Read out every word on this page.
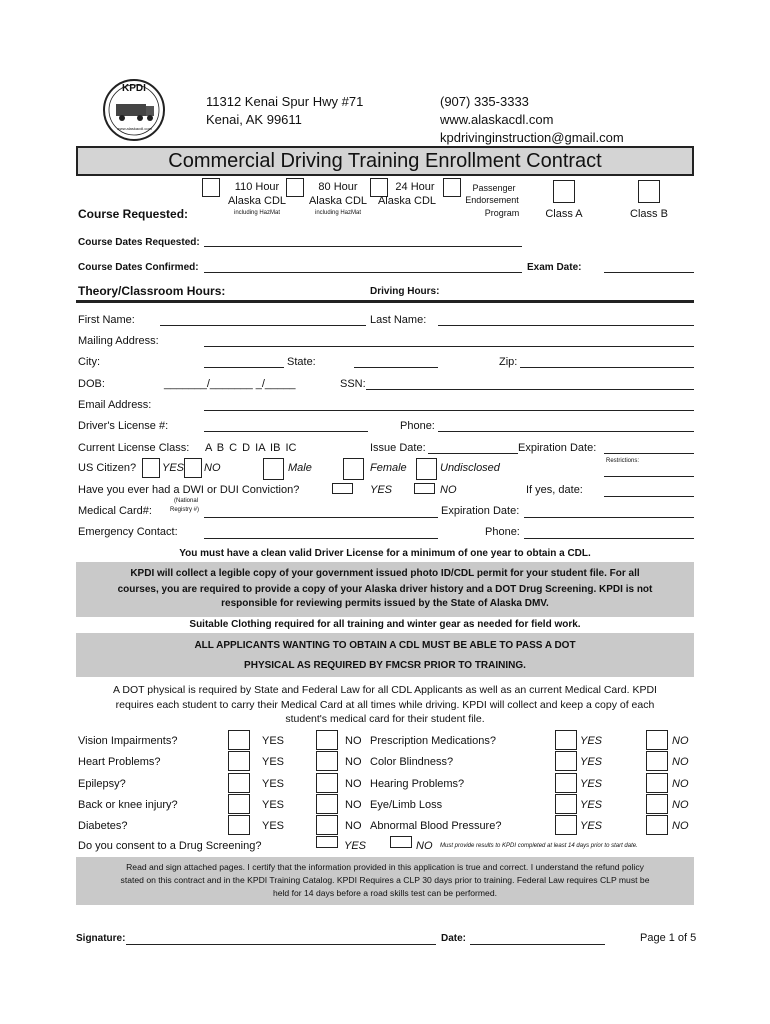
KPDI
www.alaskacdl.com
11312 Kenai Spur Hwy #71
Kenai, AK 99611
(907) 335-3333
www.alaskacdl.com
kpdrivinginstruction@gmail.com
Commercial Driving Training Enrollment Contract
110 Hour
Alaska CDL
including HazMat
80 Hour
Alaska CDL
including HazMat
24 Hour
Alaska CDL
Passenger
Endorsement
Program	Class A	Class B
Course Requested:
Course Dates Requested:
Course Dates Confirmed:	Exam Date:
Theory/Classroom Hours:	Driving Hours:
First Name:	Last Name:
Mailing Address:
City:	State:	Zip:
DOB:	_______/_______ _/_____	SSN:
Email Address:
Driver's License #:	Phone:
Current License Class: A B C D IA IB IC	Issue Date:	Expiration Date:
Restrictions:
US Citizen? YES NO	Male	Female	Undisclosed
Have you ever had a DWI or DUI Conviction?	YES	NO	If yes, date:
Medical Card#:
(National
Registry #)	Expiration Date:
Emergency Contact:	Phone:
You must have a clean valid Driver License for a minimum of one year to obtain a CDL.
KPDI will collect a legible copy of your government issued photo ID/CDL permit for your student file. For all
courses, you are required to provide a copy of your Alaska driver history and a DOT Drug Screening. KPDI is not
responsible for reviewing permits issued by the State of Alaska DMV.
Suitable Clothing required for all training and winter gear as needed for field work.
ALL APPLICANTS WANTING TO OBTAIN A CDL MUST BE ABLE TO PASS A DOT
PHYSICAL AS REQUIRED BY FMCSR PRIOR TO TRAINING.
A DOT physical is required by State and Federal Law for all CDL Applicants as well as an current Medical Card. KPDI
requires each student to carry their Medical Card at all times while driving. KPDI will collect and keep a copy of each
student's medical card for their student file.
Vision Impairments?	YES	NO Prescription Medications?	YES	NO
Heart Problems?	YES	NO Color Blindness?	YES	NO
Epilepsy?	YES	NO Hearing Problems?	YES	NO
Back or knee injury?	YES	NO Eye/Limb Loss	YES	NO
Diabetes?	YES	NO Abnormal Blood Pressure?	YES	NO
Do you consent to a Drug Screening?	YES	NO Must provide results to KPDI completed at least 14 days prior to start date.
Read and sign attached pages. I certify that the information provided in this application is true and correct. I understand the refund policy
stated on this contract and in the KPDI Training Catalog. KPDI Requires a CLP 30 days prior to training. Federal Law requires CLP must be
held for 14 days before a road skills test can be performed.
Signature:	Date:	Page 1 of 5
